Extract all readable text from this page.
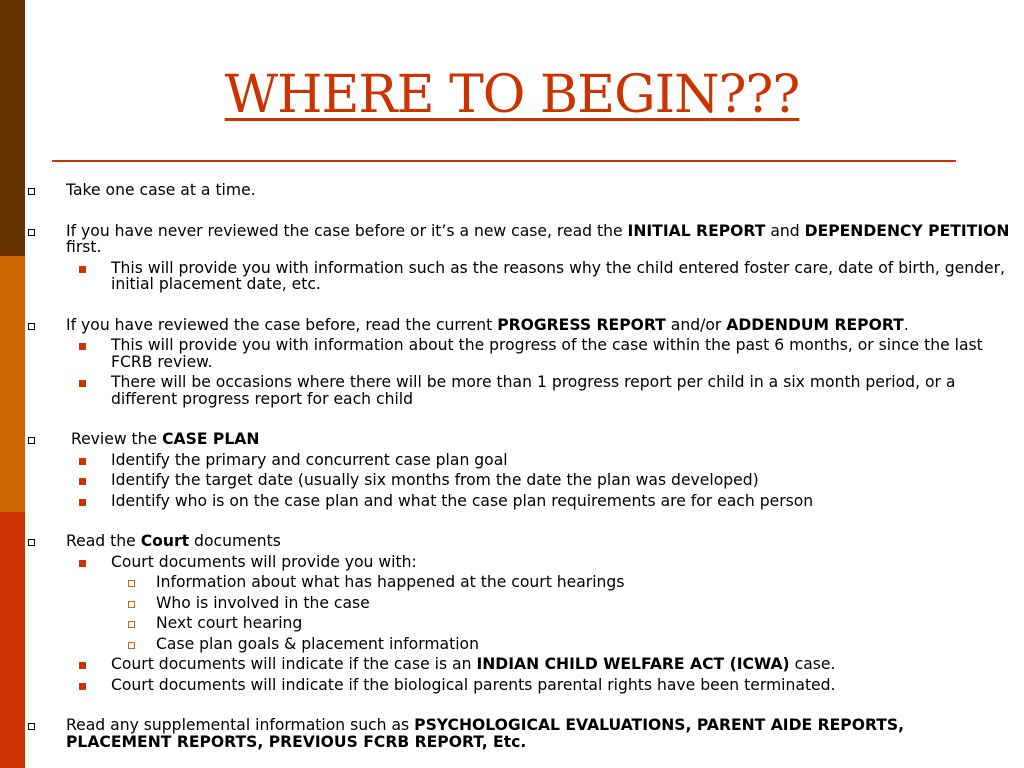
WHERE TO BEGIN???
Take one case at a time.
If you have never reviewed the case before or it’s a new case, read the INITIAL REPORT and DEPENDENCY PETITION first.
This will provide you with information such as the reasons why the child entered foster care, date of birth, gender, initial placement date, etc.
If you have reviewed the case before, read the current PROGRESS REPORT and/or ADDENDUM REPORT.
This will provide you with information about the progress of the case within the past 6 months, or since the last FCRB review.
There will be occasions where there will be more than 1 progress report per child in a six month period, or a different progress report for each child
Review the CASE PLAN
Identify the primary and concurrent case plan goal
Identify the target date (usually six months from the date the plan was developed)
Identify who is on the case plan and what the case plan requirements are for each person
Read the Court documents
Court documents will provide you with:
Information about what has happened at the court hearings
Who is involved in the case
Next court hearing
Case plan goals & placement information
Court documents will indicate if the case is an INDIAN CHILD WELFARE ACT (ICWA) case.
Court documents will indicate if the biological parents parental rights have been terminated.
Read any supplemental information such as PSYCHOLOGICAL EVALUATIONS, PARENT AIDE REPORTS, PLACEMENT REPORTS, PREVIOUS FCRB REPORT, Etc.
